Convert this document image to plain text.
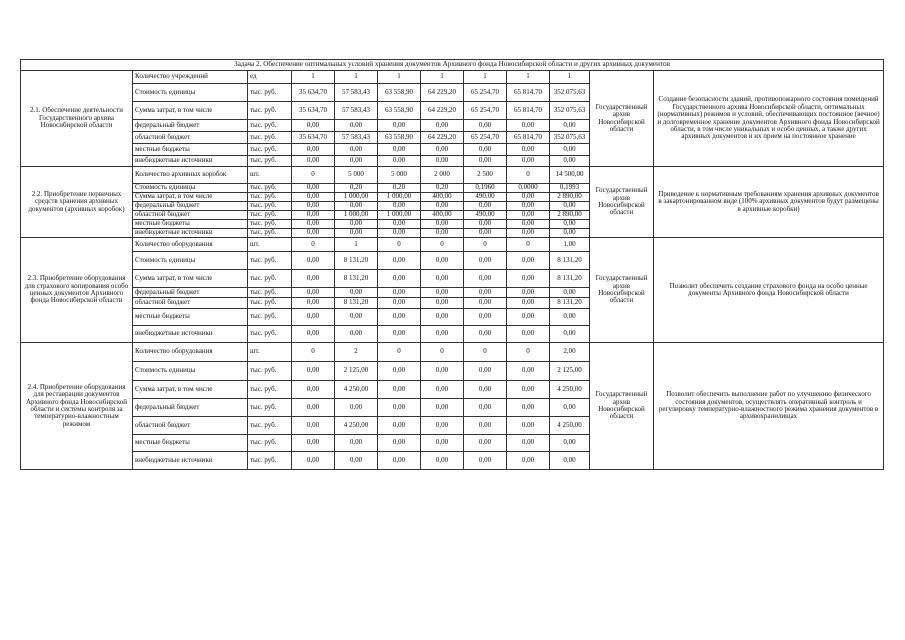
Задача 2. Обеспечение оптимальных условий хранения документов Архивного фонда Новосибирской области и других архивных документов											
2.1. Обеспечение деятельности Государственного архива Новосибирской области	Количество учреждений	ед	1	1	1	1	1	1	1	Государственный архив Новосибирской области	Создание безопасности зданий, противопожарного состояния помещений Государственного архива Новосибирской области, оптимальных (нормативных) режимов и условий, обеспечивающих постоянное (вечное) и долговременное хранение документов Архивного фонда Новосибирской области, в том числе уникальных и особо ценных, а также других архивных документов и их прием на постоянное хранение
	Стоимость единицы	тыс. руб.	35 634,70	57 583,43	63 558,90	64 229,20	65 254,70	65 814,70	352 075,63		
	Сумма затрат, в том числе	тыс. руб.	35 634,70	57 583,43	63 558,90	64 229,20	65 254,70	65 814,70	352 075,63		
	федеральный бюджет	тыс. руб.	0,00	0,00	0,00	0,00	0,00	0,00	0,00		
	областной бюджет	тыс. руб.	35 634,70	57 583,43	63 558,90	64 229,20	65 254,70	65 814,70	352 075,63		
	местные бюджеты	тыс. руб.	0,00	0,00	0,00	0,00	0,00	0,00	0,00		
	внебюджетные источники	тыс. руб.	0,00	0,00	0,00	0,00	0,00	0,00	0,00		
2.2. Приобретение первичных средств хранения архивных документов (архивных коробок)	Количество архивных коробок	шт.	0	5 000	5 000	2 000	2 500	0	14 500,00	Государственный архив Новосибирской области	Приведение к нормативным требованиям хранения архивных документов в закартонированном виде (100% архивных документов будут размещены в архивные коробки)
	Стоимость единицы	тыс. руб.	0,00	0,20	0,20	0,20	0,1960	0,0000	0,1993		
	Сумма затрат, в том числе	тыс. руб.	0,00	1 000,00	1 000,00	400,00	490,00	0,00	2 890,00		
	федеральный бюджет	тыс. руб.	0,00	0,00	0,00	0,00	0,00	0,00	0,00		
	областной бюджет	тыс. руб.	0,00	1 000,00	1 000,00	400,00	490,00	0,00	2 890,00		
	местные бюджеты	тыс. руб.	0,00	0,00	0,00	0,00	0,00	0,00	0,00		
	внебюджетные источники	тыс. руб.	0,00	0,00	0,00	0,00	0,00	0,00	0,00		
2.3. Приобретение оборудования для страхового копирования особо ценных документов Архивного фонда Новосибирской области	Количество оборудования	шт.	0	1	0	0	0	0	1,00	Государственный архив Новосибирской области	Позволит обеспечить создание страхового фонда на особо ценные документы Архивного фонда Новосибирской области
	Стоимость единицы	тыс. руб.	0,00	8 131,20	0,00	0,00	0,00	0,00	8 131,20		
	Сумма затрат, в том числе	тыс. руб.	0,00	8 131,20	0,00	0,00	0,00	0,00	8 131,20		
	федеральный бюджет	тыс. руб.	0,00	0,00	0,00	0,00	0,00	0,00	0,00		
	областной бюджет	тыс. руб.	0,00	8 131,20	0,00	0,00	0,00	0,00	8 131,20		
	местные бюджеты	тыс. руб.	0,00	0,00	0,00	0,00	0,00	0,00	0,00		
	внебюджетные источники	тыс. руб.	0,00	0,00	0,00	0,00	0,00	0,00	0,00		
2.4. Приобретение оборудования для реставрации документов Архивного фонда Новосибирской области и системы контроля за температурно-влажностным режимом	Количество оборудования	шт.	0	2	0	0	0	0	2,00	Государственный архив Новосибирской области	Позволит обеспечить выполнение работ по улучшению физического состояния документов, осуществлять оперативный контроль и регулировку температурно-влажностного режима хранения документов в архивохранилищах
	Стоимость единицы	тыс. руб.	0,00	2 125,00	0,00	0,00	0,00	0,00	2 125,00		
	Сумма затрат, в том числе	тыс. руб.	0,00	4 250,00	0,00	0,00	0,00	0,00	4 250,00		
	федеральный бюджет	тыс. руб.	0,00	0,00	0,00	0,00	0,00	0,00	0,00		
	областной бюджет	тыс. руб.	0,00	4 250,00	0,00	0,00	0,00	0,00	4 250,00		
	местные бюджеты	тыс. руб.	0,00	0,00	0,00	0,00	0,00	0,00	0,00		
	внебюджетные источники	тыс. руб.	0,00	0,00	0,00	0,00	0,00	0,00	0,00		
